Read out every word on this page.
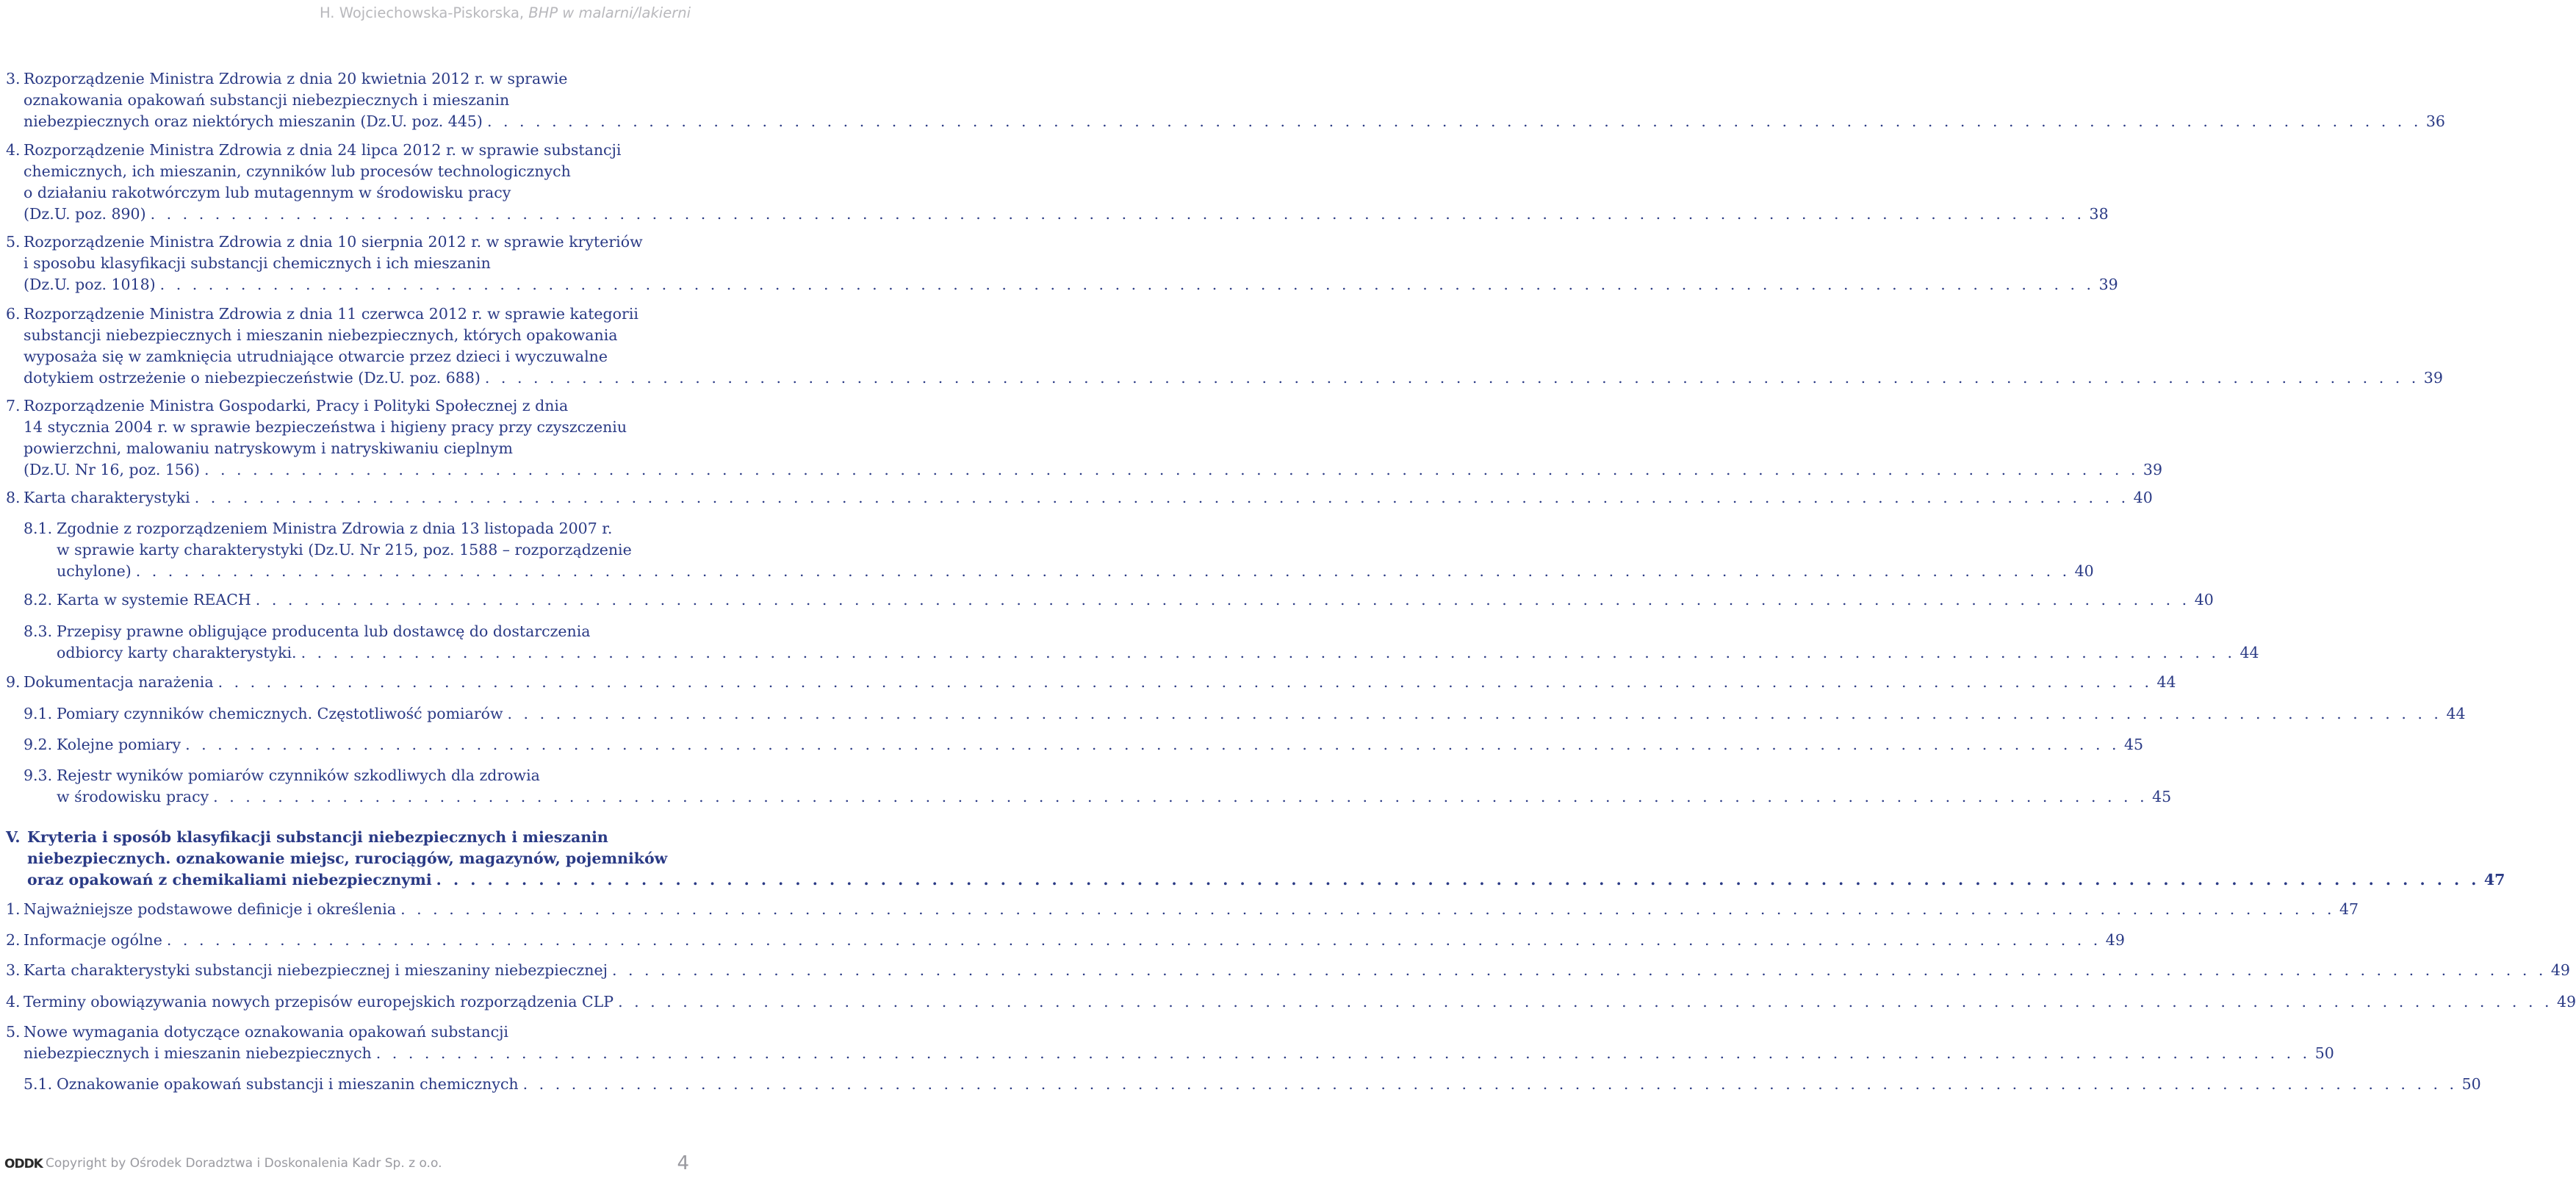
H. Wojciechowska-Piskorska, BHP w malarni/lakierni
3. Rozporządzenie Ministra Zdrowia z dnia 20 kwietnia 2012 r. w sprawie
oznakowania opakowań substancji niebezpiecznych i mieszanin
niebezpiecznych oraz niektórych mieszanin (Dz.U. poz. 445) . . . . . . . . . . . . . . . . . . . . . . . . . . . . . . . . . . . . . . . . . . . . . . . . . . . . . . . . . . . . . . . . . . . . . . . . . . . . . . . . . . . . . . . . . . . . . . . . . . . . . . . . . . . . . . . . . . . . . . . . 36
4. Rozporządzenie Ministra Zdrowia z dnia 24 lipca 2012 r. w sprawie substancji
chemicznych, ich mieszanin, czynników lub procesów technologicznych
o działaniu rakotwórczym lub mutagennym w środowisku pracy
(Dz.U. poz. 890) . . . . . . . . . . . . . . . . . . . . . . . . . . . . . . . . . . . . . . . . . . . . . . . . . . . . . . . . . . . . . . . . . . . . . . . . . . . . . . . . . . . . . . . . . . . . . . . . . . . . . . . . . . . . . . . . . . . . . . . . 38
5. Rozporządzenie Ministra Zdrowia z dnia 10 sierpnia 2012 r. w sprawie kryteriów
i sposobu klasyfikacji substancji chemicznych i ich mieszanin
(Dz.U. poz. 1018) . . . . . . . . . . . . . . . . . . . . . . . . . . . . . . . . . . . . . . . . . . . . . . . . . . . . . . . . . . . . . . . . . . . . . . . . . . . . . . . . . . . . . . . . . . . . . . . . . . . . . . . . . . . . . . . . . . . . . . . . 39
6. Rozporządzenie Ministra Zdrowia z dnia 11 czerwca 2012 r. w sprawie kategorii
substancji niebezpiecznych i mieszanin niebezpiecznych, których opakowania
wyposaża się w zamknięcia utrudniające otwarcie przez dzieci i wyczuwalne
dotykiem ostrzeżenie o niebezpieczeństwie (Dz.U. poz. 688) . . . . . . . . . . . . . . . . . . . . . . . . . . . . . . . . . . . . . . . . . . . . . . . . . . . . . . . . . . . . . . . . . . . . . . . . . . . . . . . . . . . . . . . . . . . . . . . . . . . . . . . . . . . . . . . . . . . . . . . . 39
7. Rozporządzenie Ministra Gospodarki, Pracy i Polityki Społecznej z dnia
14 stycznia 2004 r. w sprawie bezpieczeństwa i higieny pracy przy czyszczeniu
powierzchni, malowaniu natryskowym i natryskiwaniu cieplnym
(Dz.U. Nr 16, poz. 156) . . . . . . . . . . . . . . . . . . . . . . . . . . . . . . . . . . . . . . . . . . . . . . . . . . . . . . . . . . . . . . . . . . . . . . . . . . . . . . . . . . . . . . . . . . . . . . . . . . . . . . . . . . . . . . . . . . . . . . . . 39
8. Karta charakterystyki . . . . . . . . . . . . . . . . . . . . . . . . . . . . . . . . . . . . . . . . . . . . . . . . . . . . . . . . . . . . . . . . . . . . . . . . . . . . . . . . . . . . . . . . . . . . . . . . . . . . . . . . . . . . . . . . . . . . . . . . 40
8.1. Zgodnie z rozporządzeniem Ministra Zdrowia z dnia 13 listopada 2007 r.
w sprawie karty charakterystyki (Dz.U. Nr 215, poz. 1588 – rozporządzenie
uchylone) . . . . . . . . . . . . . . . . . . . . . . . . . . . . . . . . . . . . . . . . . . . . . . . . . . . . . . . . . . . . . . . . . . . . . . . . . . . . . . . . . . . . . . . . . . . . . . . . . . . . . . . . . . . . . . . . . . . . . . . . 40
8.2. Karta w systemie REACH . . . . . . . . . . . . . . . . . . . . . . . . . . . . . . . . . . . . . . . . . . . . . . . . . . . . . . . . . . . . . . . . . . . . . . . . . . . . . . . . . . . . . . . . . . . . . . . . . . . . . . . . . . . . . . . . . . . . . . . . 40
8.3. Przepisy prawne obligujące producenta lub dostawcę do dostarczenia
odbiorcy karty charakterystyki. . . . . . . . . . . . . . . . . . . . . . . . . . . . . . . . . . . . . . . . . . . . . . . . . . . . . . . . . . . . . . . . . . . . . . . . . . . . . . . . . . . . . . . . . . . . . . . . . . . . . . . . . . . . . . . . . . . . . . . . . 44
9. Dokumentacja narażenia . . . . . . . . . . . . . . . . . . . . . . . . . . . . . . . . . . . . . . . . . . . . . . . . . . . . . . . . . . . . . . . . . . . . . . . . . . . . . . . . . . . . . . . . . . . . . . . . . . . . . . . . . . . . . . . . . . . . . . . . 44
9.1. Pomiary czynników chemicznych. Częstotliwość pomiarów . . . . . . . . . . . . . . . . . . . . . . . . . . . . . . . . . . . . . . . . . . . . . . . . . . . . . . . . . . . . . . . . . . . . . . . . . . . . . . . . . . . . . . . . . . . . . . . . . . . . . . . . . . . . . . . . . . . . . . . . 44
9.2. Kolejne pomiary . . . . . . . . . . . . . . . . . . . . . . . . . . . . . . . . . . . . . . . . . . . . . . . . . . . . . . . . . . . . . . . . . . . . . . . . . . . . . . . . . . . . . . . . . . . . . . . . . . . . . . . . . . . . . . . . . . . . . . . . 45
9.3. Rejestr wyników pomiarów czynników szkodliwych dla zdrowia
w środowisku pracy . . . . . . . . . . . . . . . . . . . . . . . . . . . . . . . . . . . . . . . . . . . . . . . . . . . . . . . . . . . . . . . . . . . . . . . . . . . . . . . . . . . . . . . . . . . . . . . . . . . . . . . . . . . . . . . . . . . . . . . . 45
V. Kryteria i sposób klasyfikacji substancji niebezpiecznych i mieszanin
niebezpiecznych. oznakowanie miejsc, rurociągów, magazynów, pojemników
oraz opakowań z chemikaliami niebezpiecznymi . . . . . . . . . . . . . . . . . . . . . . . . . . . . . . . . . . . . . . . . . . . . . . . . . . . . . . . . . . . . . . . . . . . . . . . . . . . . . . . . . . . . . . . . . . . . . . . . . . . . . . . . . . . . . . . . . . . . . . . . 47
1. Najważniejsze podstawowe definicje i określenia . . . . . . . . . . . . . . . . . . . . . . . . . . . . . . . . . . . . . . . . . . . . . . . . . . . . . . . . . . . . . . . . . . . . . . . . . . . . . . . . . . . . . . . . . . . . . . . . . . . . . . . . . . . . . . . . . . . . . . . . 47
2. Informacje ogólne . . . . . . . . . . . . . . . . . . . . . . . . . . . . . . . . . . . . . . . . . . . . . . . . . . . . . . . . . . . . . . . . . . . . . . . . . . . . . . . . . . . . . . . . . . . . . . . . . . . . . . . . . . . . . . . . . . . . . . . . 49
3. Karta charakterystyki substancji niebezpiecznej i mieszaniny niebezpiecznej . . . . . . . . . . . . . . . . . . . . . . . . . . . . . . . . . . . . . . . . . . . . . . . . . . . . . . . . . . . . . . . . . . . . . . . . . . . . . . . . . . . . . . . . . . . . . . . . . . . . . . . . . . . . . . . . . . . . . . . . 49
4. Terminy obowiązywania nowych przepisów europejskich rozporządzenia CLP . . . . . . . . . . . . . . . . . . . . . . . . . . . . . . . . . . . . . . . . . . . . . . . . . . . . . . . . . . . . . . . . . . . . . . . . . . . . . . . . . . . . . . . . . . . . . . . . . . . . . . . . . . . . . . . . . . . . . . . . 49
5. Nowe wymagania dotyczące oznakowania opakowań substancji
niebezpiecznych i mieszanin niebezpiecznych . . . . . . . . . . . . . . . . . . . . . . . . . . . . . . . . . . . . . . . . . . . . . . . . . . . . . . . . . . . . . . . . . . . . . . . . . . . . . . . . . . . . . . . . . . . . . . . . . . . . . . . . . . . . . . . . . . . . . . . . 50
5.1. Oznakowanie opakowań substancji i mieszanin chemicznych . . . . . . . . . . . . . . . . . . . . . . . . . . . . . . . . . . . . . . . . . . . . . . . . . . . . . . . . . . . . . . . . . . . . . . . . . . . . . . . . . . . . . . . . . . . . . . . . . . . . . . . . . . . . . . . . . . . . . . . . 50
ODDK Copyright by Ośrodek Doradztwa i Doskonalenia Kadr Sp. z o.o.	4
